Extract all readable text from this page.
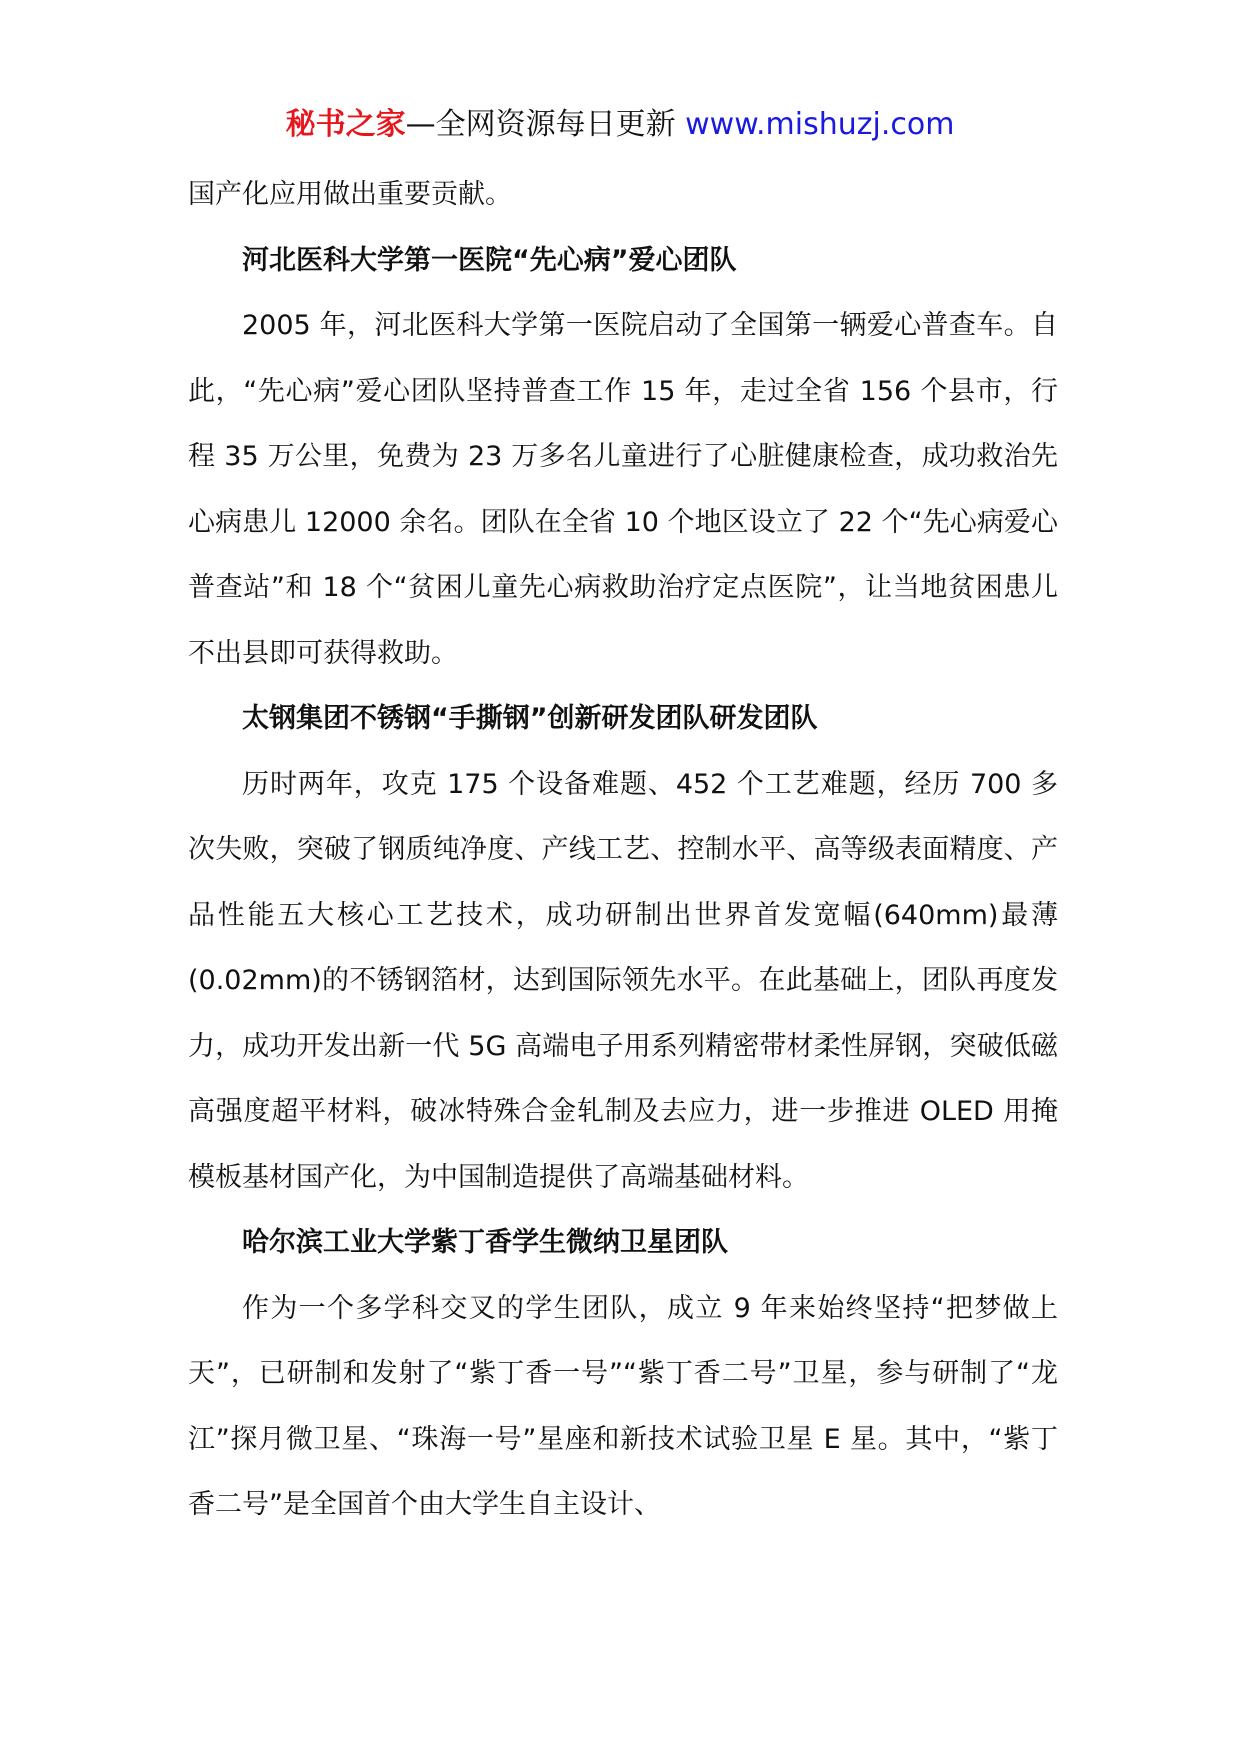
秘书之家—全网资源每日更新 www.mishuzj.com

国产化应用做出重要贡献。

河北医科大学第一医院“先心病”爱心团队

2005 年，河北医科大学第一医院启动了全国第一辆爱心普查车。自此，“先心病”爱心团队坚持普查工作 15 年，走过全省 156 个县市，行程 35 万公里，免费为 23 万多名儿童进行了心脏健康检查，成功救治先心病患儿 12000 余名。团队在全省 10 个地区设立了 22 个“先心病爱心普查站”和 18 个“贫困儿童先心病救助治疗定点医院”，让当地贫困患儿不出县即可获得救助。

太钢集团不锈钢“手撕钢”创新研发团队研发团队

历时两年，攻克 175 个设备难题、452 个工艺难题，经历 700 多次失败，突破了钢质纯净度、产线工艺、控制水平、高等级表面精度、产品性能五大核心工艺技术，成功研制出世界首发宽幅(640mm)最薄(0.02mm)的不锈钢箔材，达到国际领先水平。在此基础上，团队再度发力，成功开发出新一代 5G 高端电子用系列精密带材柔性屏钢，突破低磁高强度超平材料，破冰特殊合金轧制及去应力，进一步推进 OLED 用掩模板基材国产化，为中国制造提供了高端基础材料。

哈尔滨工业大学紫丁香学生微纳卫星团队

作为一个多学科交叉的学生团队，成立 9 年来始终坚持“把梦做上天”，已研制和发射了“紫丁香一号”“紫丁香二号”卫星，参与研制了“龙江”探月微卫星、“珠海一号”星座和新技术试验卫星 E 星。其中，“紫丁香二号”是全国首个由大学生自主设计、
